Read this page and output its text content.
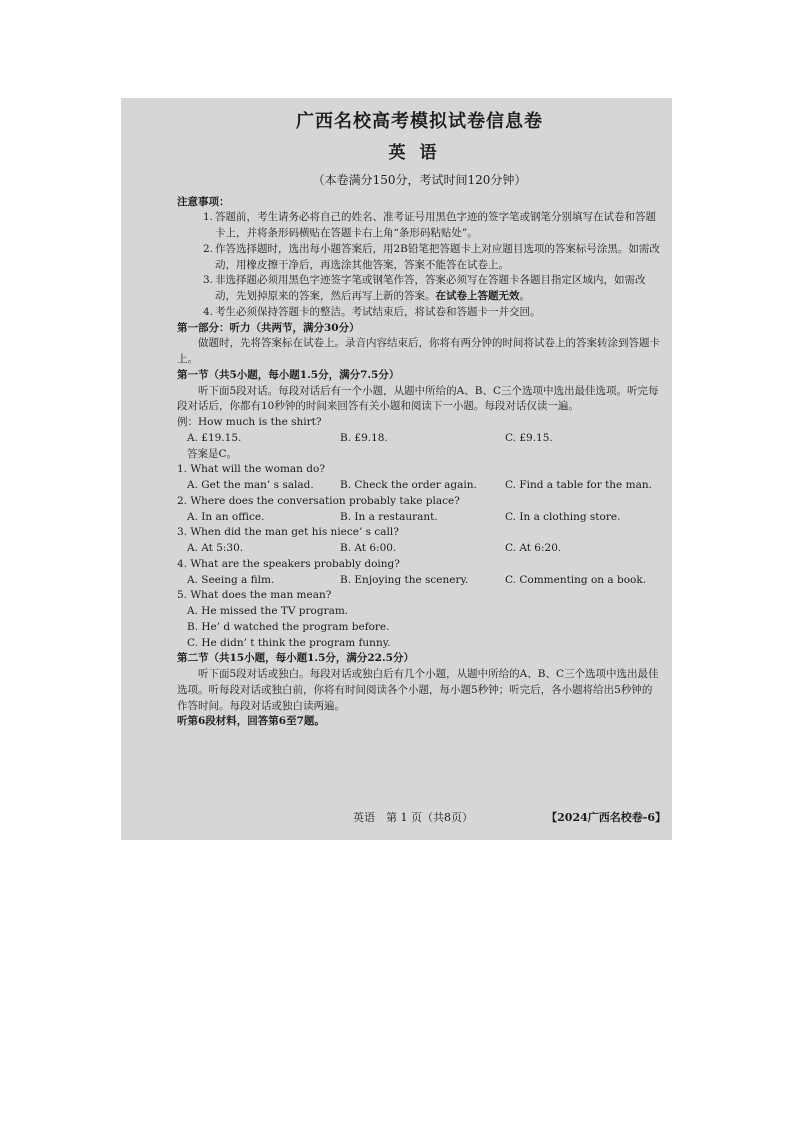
广西名校高考模拟试卷信息卷
英语
（本卷满分150分，考试时间120分钟）
注意事项：
1. 答题前，考生请务必将自己的姓名、准考证号用黑色字迹的签字笔或钢笔分别填写在试卷和答题卡上，并将条形码横贴在答题卡右上角“条形码粘贴处”。
2. 作答选择题时，选出每小题答案后，用2B铅笔把答题卡上对应题目选项的答案标号涂黑。如需改动，用橡皮擦干净后，再选涂其他答案，答案不能答在试卷上。
3. 非选择题必须用黑色字迹签字笔或钢笔作答，答案必须写在答题卡各题目指定区域内，如需改动，先划掉原来的答案，然后再写上新的答案。在试卷上答题无效。
4. 考生必须保持答题卡的整洁。考试结束后，将试卷和答题卡一并交回。
第一部分：听力（共两节，满分30分）
做题时，先将答案标在试卷上。录音内容结束后，你将有两分钟的时间将试卷上的答案转涂到答题卡上。
第一节（共5小题，每小题1.5分，满分7.5分）
听下面5段对话。每段对话后有一个小题，从题中所给的A、B、C三个选项中选出最佳选项。听完每段对话后，你都有10秒钟的时间来回答有关小题和阅读下一小题。每段对话仅读一遍。
例：How much is the shirt?
A. £19.15.	B. £9.18.	C. £9.15.
答案是C。
1. What will the woman do?
A. Get the man’ s salad.	B. Check the order again.	C. Find a table for the man.
2. Where does the conversation probably take place?
A. In an office.	B. In a restaurant.	C. In a clothing store.
3. When did the man get his niece’ s call?
A. At 5:30.	B. At 6:00.	C. At 6:20.
4. What are the speakers probably doing?
A. Seeing a film.	B. Enjoying the scenery.	C. Commenting on a book.
5. What does the man mean?
A. He missed the TV program.
B. He’ d watched the program before.
C. He didn’ t think the program funny.
第二节（共15小题，每小题1.5分，满分22.5分）
听下面5段对话或独白。每段对话或独白后有几个小题，从题中所给的A、B、C三个选项中选出最佳选项。听每段对话或独白前，你将有时间阅读各个小题，每小题5秒钟；听完后，各小题将给出5秒钟的作答时间。每段对话或独白读两遍。
听第6段材料，回答第6至7题。
英语　第 1 页（共8页）	【2024广西名校卷-6】
